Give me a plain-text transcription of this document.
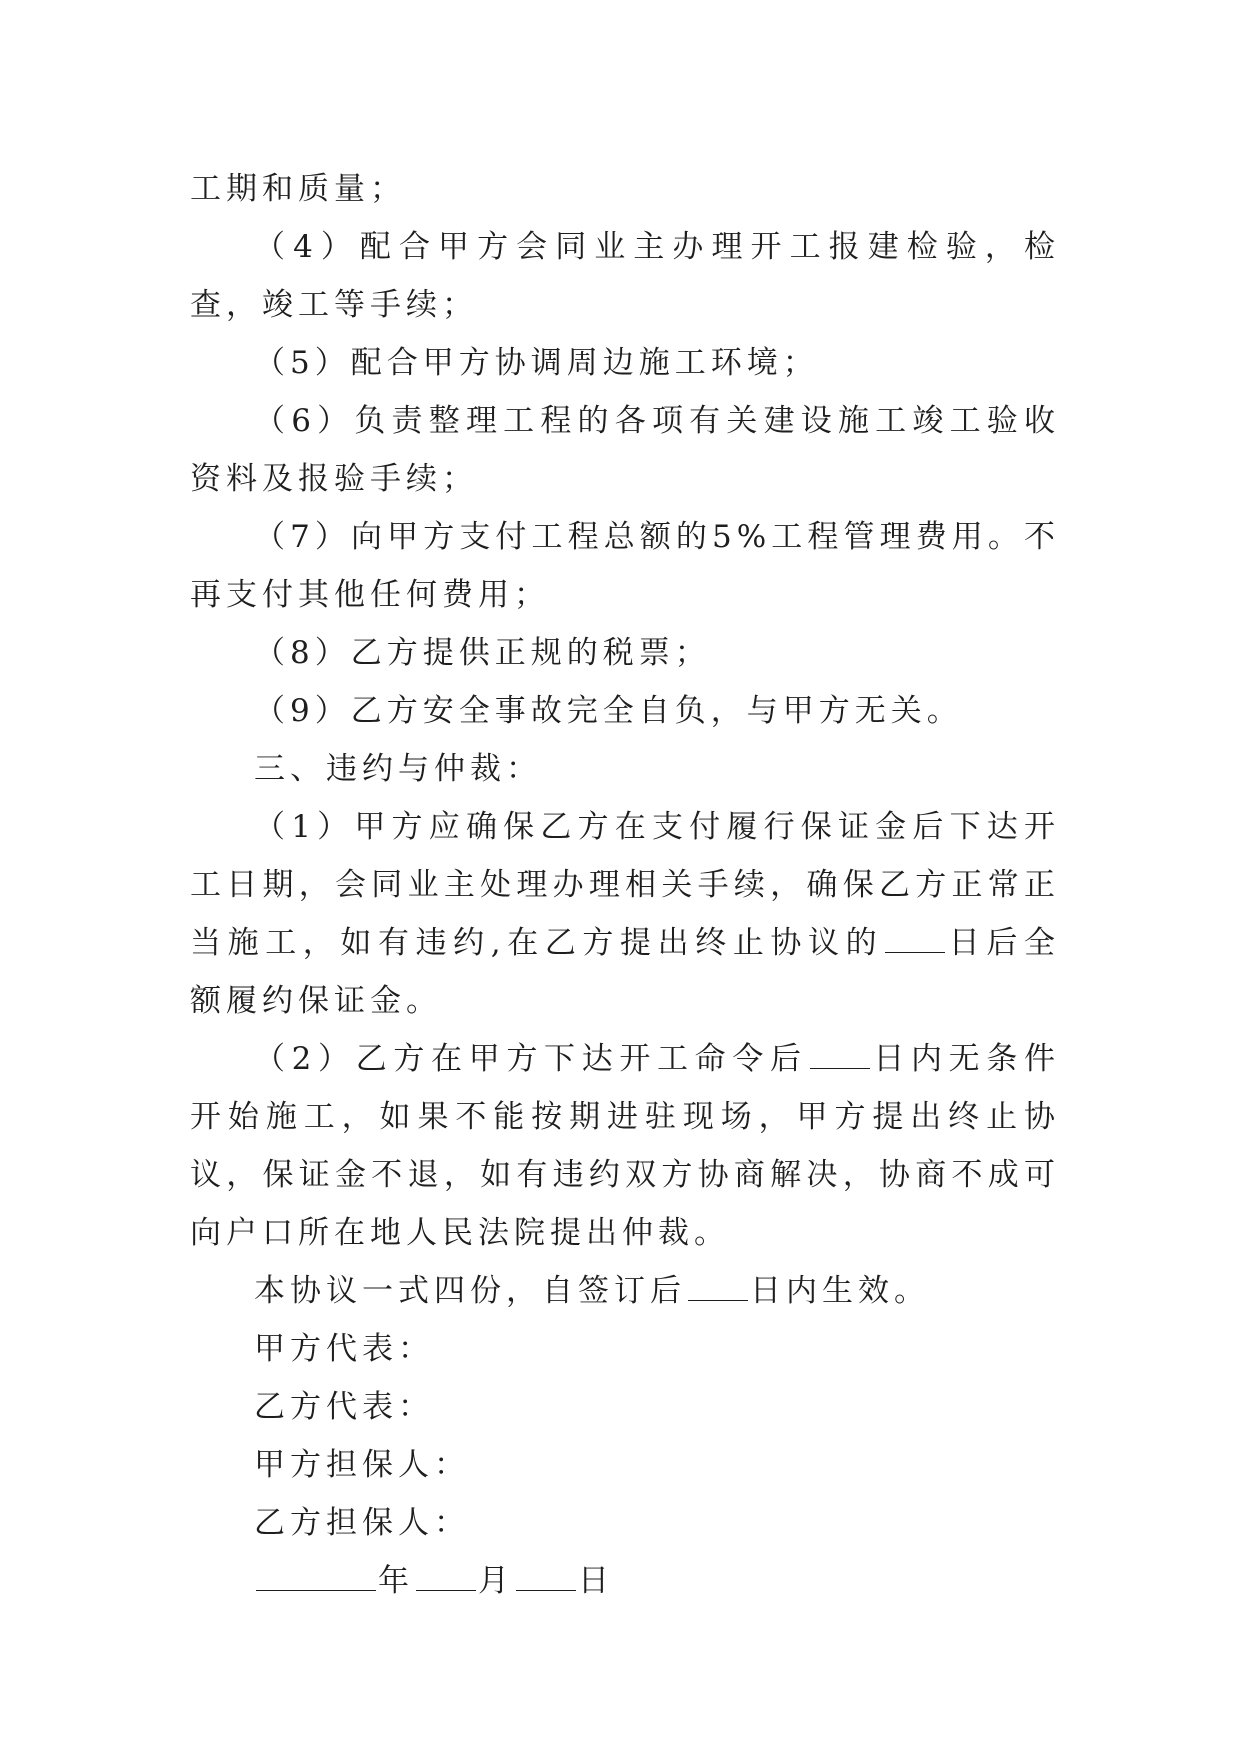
工期和质量；

（4）配合甲方会同业主办理开工报建检验，检查，竣工等手续；

（5）配合甲方协调周边施工环境；

（6）负责整理工程的各项有关建设施工竣工验收资料及报验手续；

（7）向甲方支付工程总额的5%工程管理费用。不再支付其他任何费用；

（8）乙方提供正规的税票；

（9）乙方安全事故完全自负，与甲方无关。

三、违约与仲裁：

（1）甲方应确保乙方在支付履行保证金后下达开工日期，会同业主处理办理相关手续，确保乙方正常正当施工，如有违约,在乙方提出终止协议的 日后全额履约保证金。

（2）乙方在甲方下达开工命令后 日内无条件开始施工，如果不能按期进驻现场，甲方提出终止协议，保证金不退，如有违约双方协商解决，协商不成可向户口所在地人民法院提出仲裁。

本协议一式四份，自签订后 日内生效。

甲方代表：

乙方代表：

甲方担保人：

乙方担保人：

年 月 日
